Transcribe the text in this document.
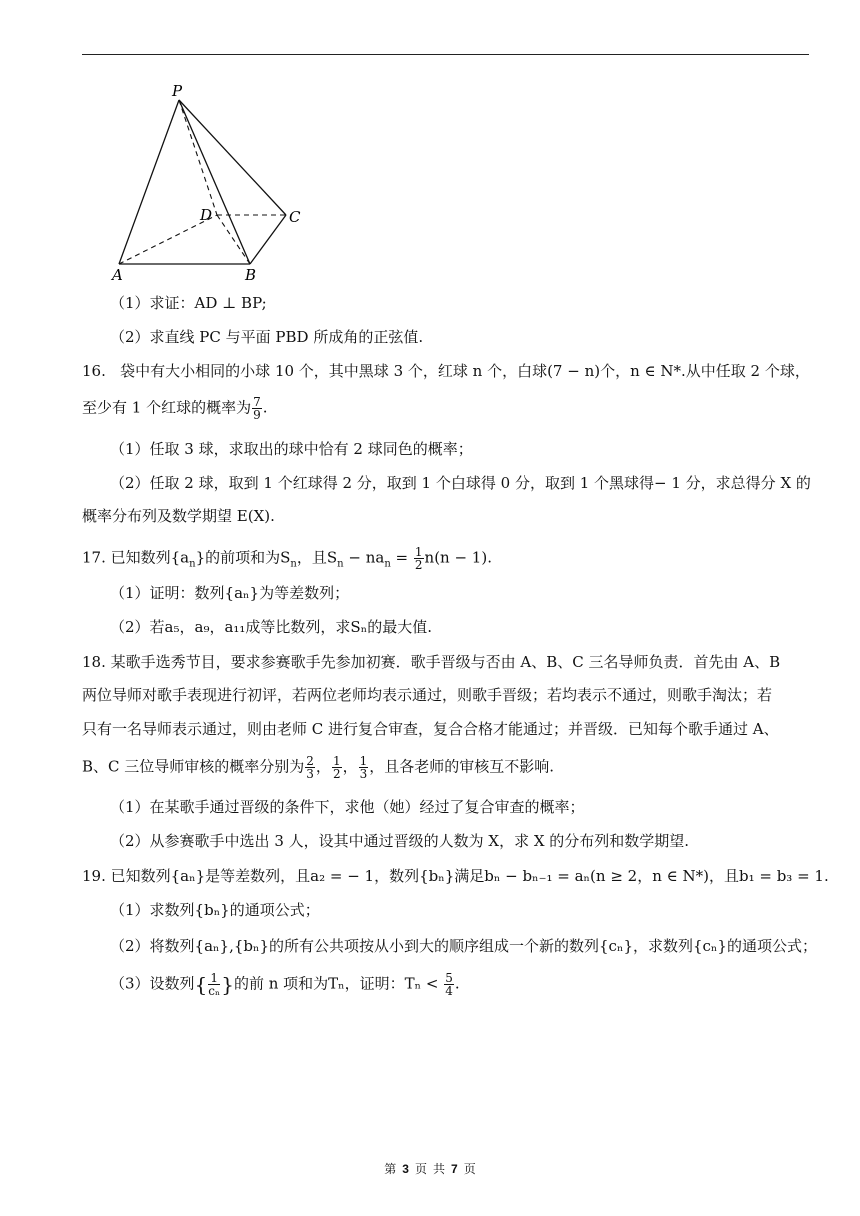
P
D	C
A	B
（1）求证：AD ⊥ BP;
（2）求直线 PC 与平面 PBD 所成角的正弦值.
16. 袋中有大小相同的小球 10 个，其中黑球 3 个，红球 n 个，白球(7 − n)个，n ∈ N*.从中任取 2 个球，
至少有 1 个红球的概率为 $\frac{7}{9}$ .
（1）任取 3 球，求取出的球中恰有 2 球同色的概率；
（2）任取 2 球，取到 1 个红球得 2 分，取到 1 个白球得 0 分，取到 1 个黑球得− 1 分，求总得分 X 的
概率分布列及数学期望 E(X).
17. 已知数列$\{a_n\}$的前项和为$S_n$，且$S_n - na_n = \frac{1}{2} n(n - 1)$.
（1）证明：数列{aₙ}为等差数列；
（2）若a₅，a₉，a₁₁成等比数列，求Sₙ的最大值.
18. 某歌手选秀节目，要求参赛歌手先参加初赛．歌手晋级与否由 A、B、C 三名导师负责．首先由 A、B
两位导师对歌手表现进行初评，若两位老师均表示通过，则歌手晋级；若均表示不通过，则歌手淘汰；若
只有一名导师表示通过，则由老师 C 进行复合审查，复合合格才能通过；并晋级．已知每个歌手通过 A、
B、C 三位导师审核的概率分别为 $\frac{2}{3}$ ， $\frac{1}{2}$ ， $\frac{1}{3}$ ，且各老师的审核互不影响.
（1）在某歌手通过晋级的条件下，求他（她）经过了复合审查的概率；
（2）从参赛歌手中选出 3 人，设其中通过晋级的人数为 X，求 X 的分布列和数学期望.
19. 已知数列{aₙ}是等差数列，且a₂ = − 1，数列{bₙ}满足bₙ − bₙ₋₁ = aₙ(n ≥ 2，n ∈ N*)，且b₁ = b₃ = 1.
（1）求数列{bₙ}的通项公式；
（2）将数列{aₙ},{bₙ}的所有公共项按从小到大的顺序组成一个新的数列{cₙ}，求数列{cₙ}的通项公式；
（3）设数列{ $\frac{1}{\text{cₙ}}$ }的前 n 项和为Tₙ，证明：$T_n < \frac{5}{4}$ .
第 3 页 共 7 页
